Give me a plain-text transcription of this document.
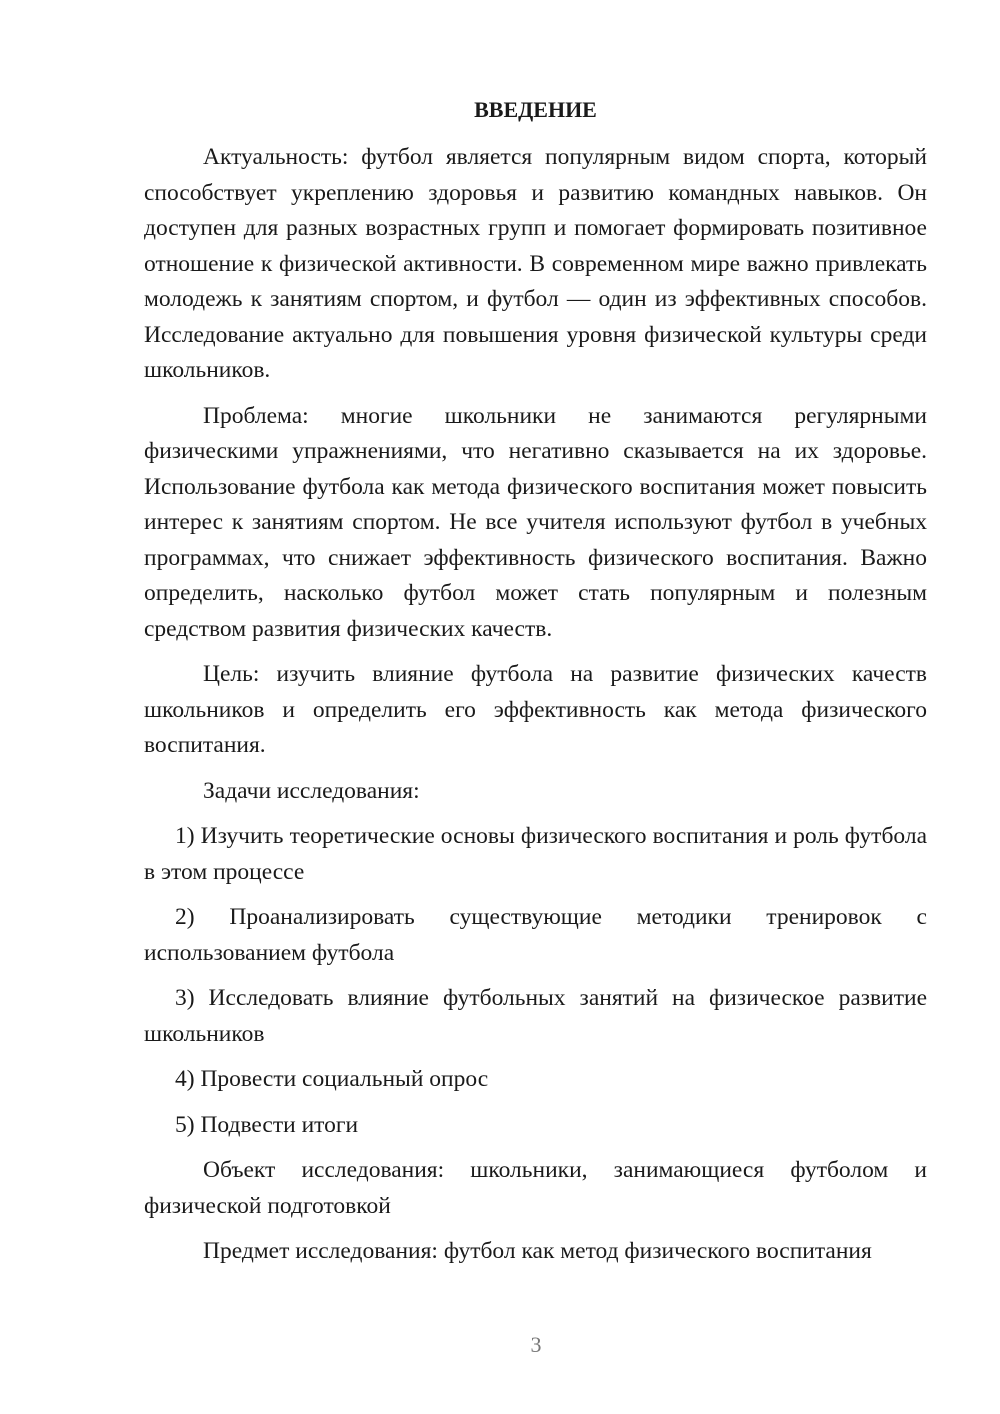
ВВЕДЕНИЕ

Актуальность: футбол является популярным видом спорта, который способствует укреплению здоровья и развитию командных навыков. Он доступен для разных возрастных групп и помогает формировать позитивное отношение к физической активности. В современном мире важно привлекать молодежь к занятиям спортом, и футбол — один из эффективных способов. Исследование актуально для повышения уровня физической культуры среди школьников.

Проблема: многие школьники не занимаются регулярными физическими упражнениями, что негативно сказывается на их здоровье. Использование футбола как метода физического воспитания может повысить интерес к занятиям спортом. Не все учителя используют футбол в учебных программах, что снижает эффективность физического воспитания. Важно определить, насколько футбол может стать популярным и полезным средством развития физических качеств.

Цель: изучить влияние футбола на развитие физических качеств школьников и определить его эффективность как метода физического воспитания.

Задачи исследования:

1) Изучить теоретические основы физического воспитания и роль футбола в этом процессе

2) Проанализировать существующие методики тренировок с использованием футбола

3) Исследовать влияние футбольных занятий на физическое развитие школьников

4) Провести социальный опрос

5) Подвести итоги

Объект исследования: школьники, занимающиеся футболом и физической подготовкой

Предмет исследования: футбол как метод физического воспитания

3
